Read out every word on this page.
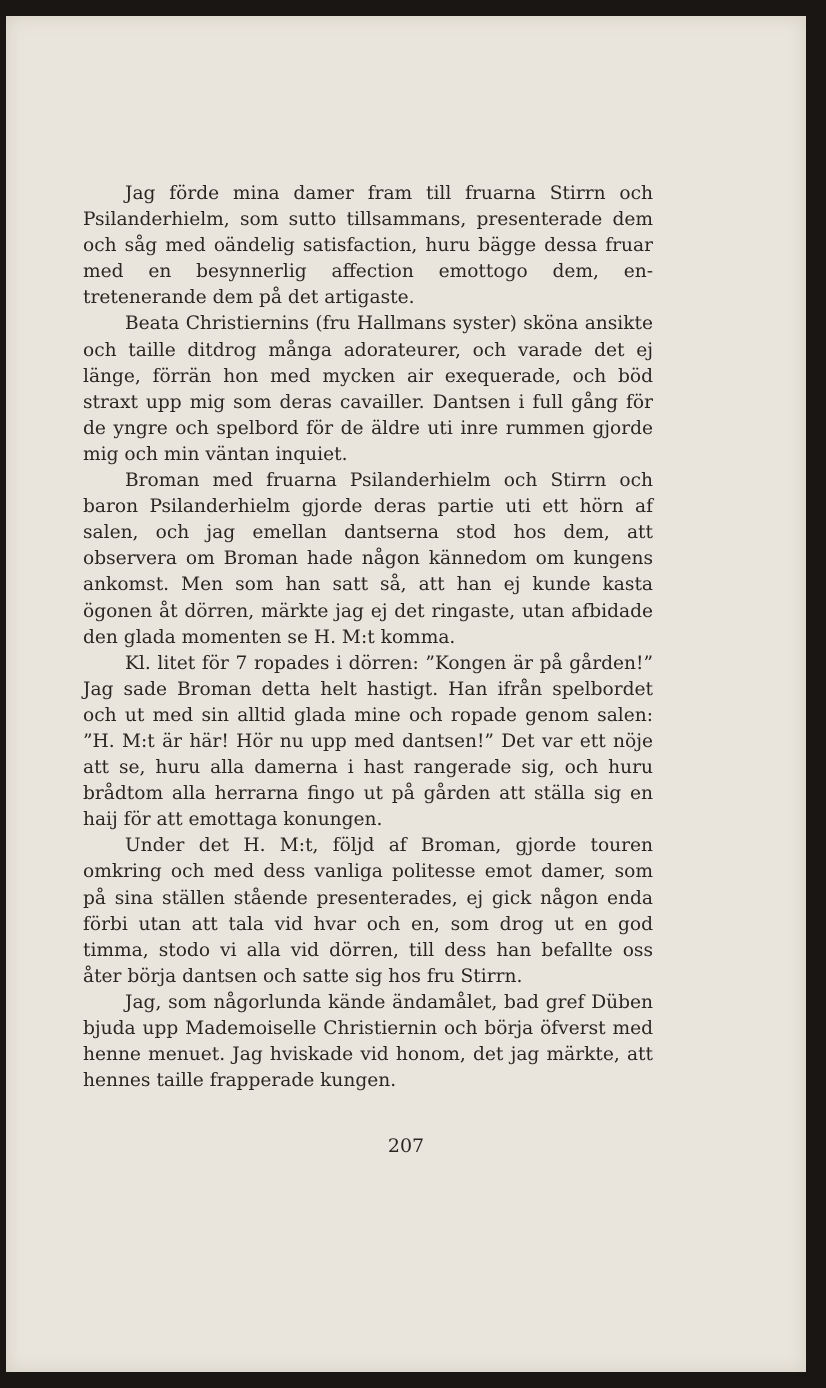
Jag förde mina damer fram till fruarna Stirrn och Psilanderhielm, som sutto tillsammans, presenterade dem och såg med oändelig satisfaction, huru bägge dessa fruar med en besynnerlig affection emottogo dem, entretenerande dem på det artigaste.

Beata Christiernins (fru Hallmans syster) sköna ansikte och taille ditdrog många adorateurer, och varade det ej länge, förrän hon med mycken air exequerade, och böd straxt upp mig som deras cavailler. Dantsen i full gång för de yngre och spelbord för de äldre uti inre rummen gjorde mig och min väntan inquiet.

Broman med fruarna Psilanderhielm och Stirrn och baron Psilanderhielm gjorde deras partie uti ett hörn af salen, och jag emellan dantserna stod hos dem, att observera om Broman hade någon kännedom om kungens ankomst. Men som han satt så, att han ej kunde kasta ögonen åt dörren, märkte jag ej det ringaste, utan afbidade den glada momenten se H. M:t komma.

Kl. litet för 7 ropades i dörren: ”Kongen är på gården!” Jag sade Broman detta helt hastigt. Han ifrån spelbordet och ut med sin alltid glada mine och ropade genom salen: ”H. M:t är här! Hör nu upp med dantsen!” Det var ett nöje att se, huru alla damerna i hast rangerade sig, och huru brådtom alla herrarna fingo ut på gården att ställa sig en haij för att emottaga konungen.

Under det H. M:t, följd af Broman, gjorde touren omkring och med dess vanliga politesse emot damer, som på sina ställen stående presenterades, ej gick någon enda förbi utan att tala vid hvar och en, som drog ut en god timma, stodo vi alla vid dörren, till dess han befallte oss åter börja dantsen och satte sig hos fru Stirrn.

Jag, som någorlunda kände ändamålet, bad gref Düben bjuda upp Mademoiselle Christiernin och börja öfverst med henne menuet. Jag hviskade vid honom, det jag märkte, att hennes taille frapperade kungen.

207
